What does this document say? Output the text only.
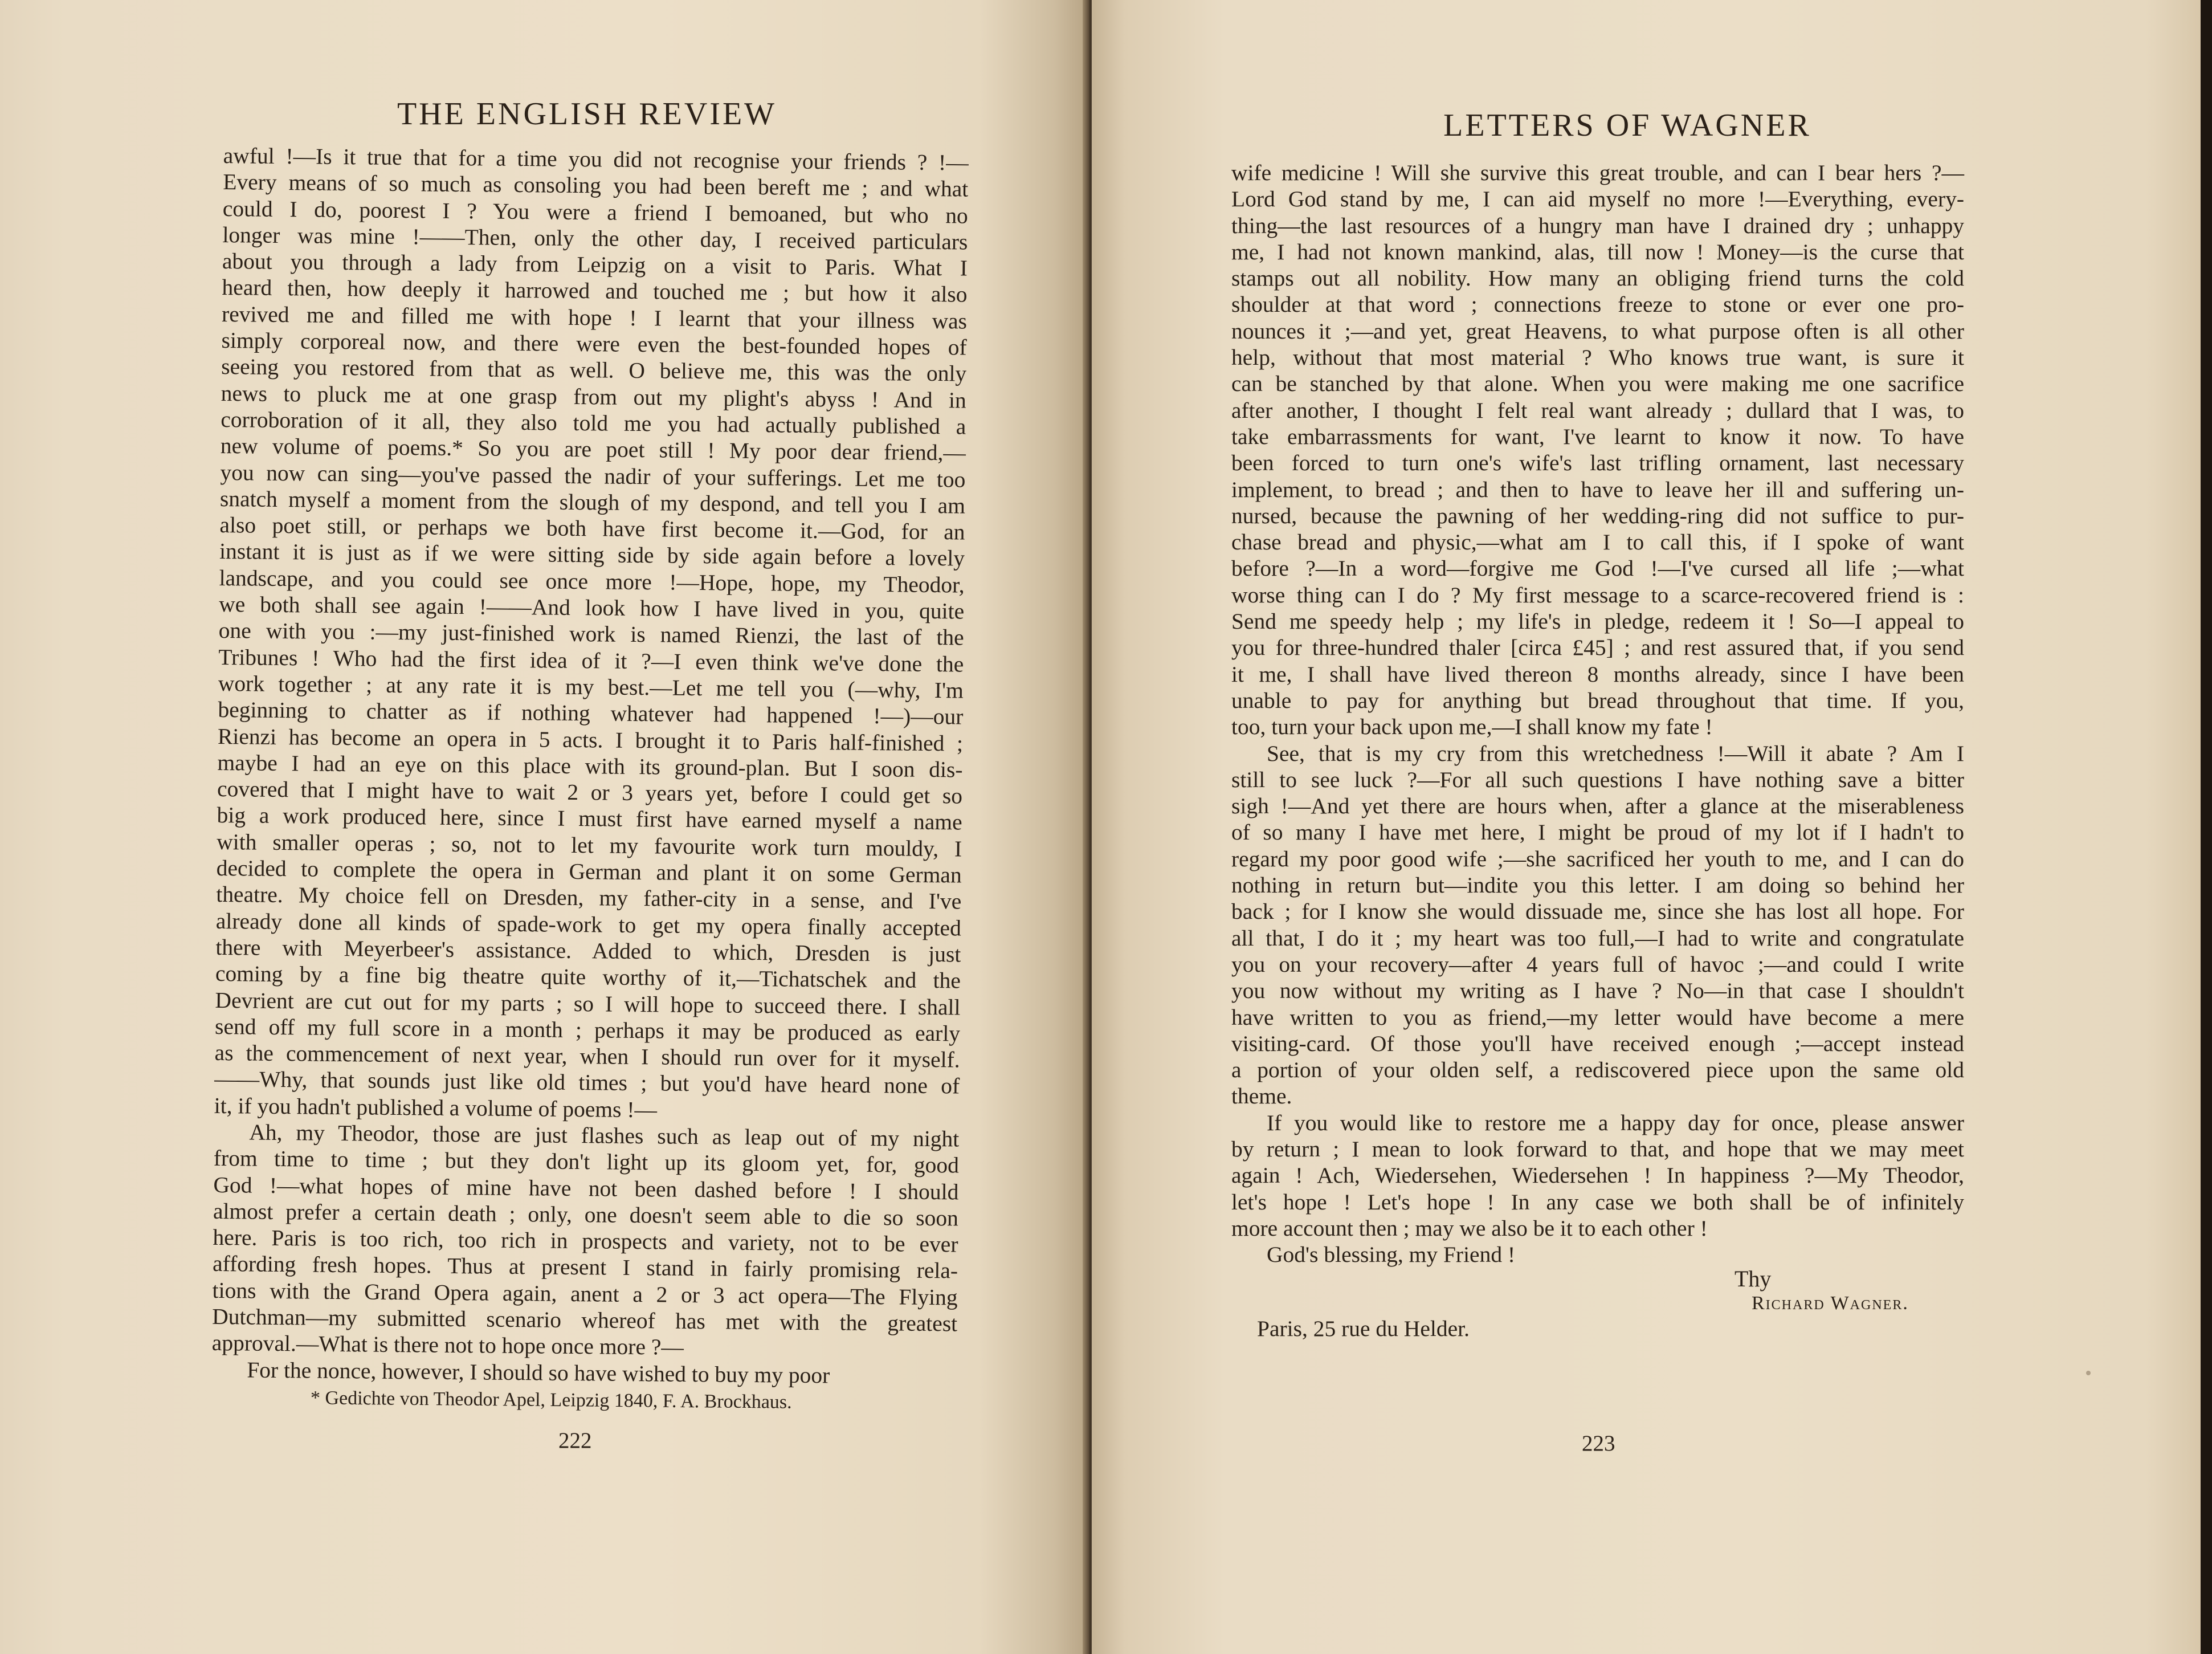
THE ENGLISH REVIEW
awful !—Is it true that for a time you did not recognise your friends ? !—
Every means of so much as consoling you had been bereft me ; and what
could I do, poorest I ? You were a friend I bemoaned, but who no
longer was mine !——Then, only the other day, I received particulars
about you through a lady from Leipzig on a visit to Paris. What I
heard then, how deeply it harrowed and touched me ; but how it also
revived me and filled me with hope ! I learnt that your illness was
simply corporeal now, and there were even the best-founded hopes of
seeing you restored from that as well. O believe me, this was the only
news to pluck me at one grasp from out my plight's abyss ! And in
corroboration of it all, they also told me you had actually published a
new volume of poems.* So you are poet still ! My poor dear friend,—
you now can sing—you've passed the nadir of your sufferings. Let me too
snatch myself a moment from the slough of my despond, and tell you I am
also poet still, or perhaps we both have first become it.—God, for an
instant it is just as if we were sitting side by side again before a lovely
landscape, and you could see once more !—Hope, hope, my Theodor,
we both shall see again !——And look how I have lived in you, quite
one with you :—my just-finished work is named Rienzi, the last of the
Tribunes ! Who had the first idea of it ?—I even think we've done the
work together ; at any rate it is my best.—Let me tell you (—why, I'm
beginning to chatter as if nothing whatever had happened !—)—our
Rienzi has become an opera in 5 acts. I brought it to Paris half-finished ;
maybe I had an eye on this place with its ground-plan. But I soon dis-
covered that I might have to wait 2 or 3 years yet, before I could get so
big a work produced here, since I must first have earned myself a name
with smaller operas ; so, not to let my favourite work turn mouldy, I
decided to complete the opera in German and plant it on some German
theatre. My choice fell on Dresden, my father-city in a sense, and I've
already done all kinds of spade-work to get my opera finally accepted
there with Meyerbeer's assistance. Added to which, Dresden is just
coming by a fine big theatre quite worthy of it,—Tichatschek and the
Devrient are cut out for my parts ; so I will hope to succeed there. I shall
send off my full score in a month ; perhaps it may be produced as early
as the commencement of next year, when I should run over for it myself.
——Why, that sounds just like old times ; but you'd have heard none of
it, if you hadn't published a volume of poems !—
Ah, my Theodor, those are just flashes such as leap out of my night
from time to time ; but they don't light up its gloom yet, for, good
God !—what hopes of mine have not been dashed before ! I should
almost prefer a certain death ; only, one doesn't seem able to die so soon
here. Paris is too rich, too rich in prospects and variety, not to be ever
affording fresh hopes. Thus at present I stand in fairly promising rela-
tions with the Grand Opera again, anent a 2 or 3 act opera—The Flying
Dutchman—my submitted scenario whereof has met with the greatest
approval.—What is there not to hope once more ?—
For the nonce, however, I should so have wished to buy my poor
* Gedichte von Theodor Apel, Leipzig 1840, F. A. Brockhaus.
222
LETTERS OF WAGNER
wife medicine ! Will she survive this great trouble, and can I bear hers ?—
Lord God stand by me, I can aid myself no more !—Everything, every-
thing—the last resources of a hungry man have I drained dry ; unhappy
me, I had not known mankind, alas, till now ! Money—is the curse that
stamps out all nobility. How many an obliging friend turns the cold
shoulder at that word ; connections freeze to stone or ever one pro-
nounces it ;—and yet, great Heavens, to what purpose often is all other
help, without that most material ? Who knows true want, is sure it
can be stanched by that alone. When you were making me one sacrifice
after another, I thought I felt real want already ; dullard that I was, to
take embarrassments for want, I've learnt to know it now. To have
been forced to turn one's wife's last trifling ornament, last necessary
implement, to bread ; and then to have to leave her ill and suffering un-
nursed, because the pawning of her wedding-ring did not suffice to pur-
chase bread and physic,—what am I to call this, if I spoke of want
before ?—In a word—forgive me God !—I've cursed all life ;—what
worse thing can I do ? My first message to a scarce-recovered friend is :
Send me speedy help ; my life's in pledge, redeem it ! So—I appeal to
you for three-hundred thaler [circa £45] ; and rest assured that, if you send
it me, I shall have lived thereon 8 months already, since I have been
unable to pay for anything but bread throughout that time. If you,
too, turn your back upon me,—I shall know my fate !
See, that is my cry from this wretchedness !—Will it abate ? Am I
still to see luck ?—For all such questions I have nothing save a bitter
sigh !—And yet there are hours when, after a glance at the miserableness
of so many I have met here, I might be proud of my lot if I hadn't to
regard my poor good wife ;—she sacrificed her youth to me, and I can do
nothing in return but—indite you this letter. I am doing so behind her
back ; for I know she would dissuade me, since she has lost all hope. For
all that, I do it ; my heart was too full,—I had to write and congratulate
you on your recovery—after 4 years full of havoc ;—and could I write
you now without my writing as I have ? No—in that case I shouldn't
have written to you as friend,—my letter would have become a mere
visiting-card. Of those you'll have received enough ;—accept instead
a portion of your olden self, a rediscovered piece upon the same old
theme.
If you would like to restore me a happy day for once, please answer
by return ; I mean to look forward to that, and hope that we may meet
again ! Ach, Wiedersehen, Wiedersehen ! In happiness ?—My Theodor,
let's hope ! Let's hope ! In any case we both shall be of infinitely
more account then ; may we also be it to each other !
God's blessing, my Friend !
Thy
Richard Wagner.
Paris, 25 rue du Helder.
223
